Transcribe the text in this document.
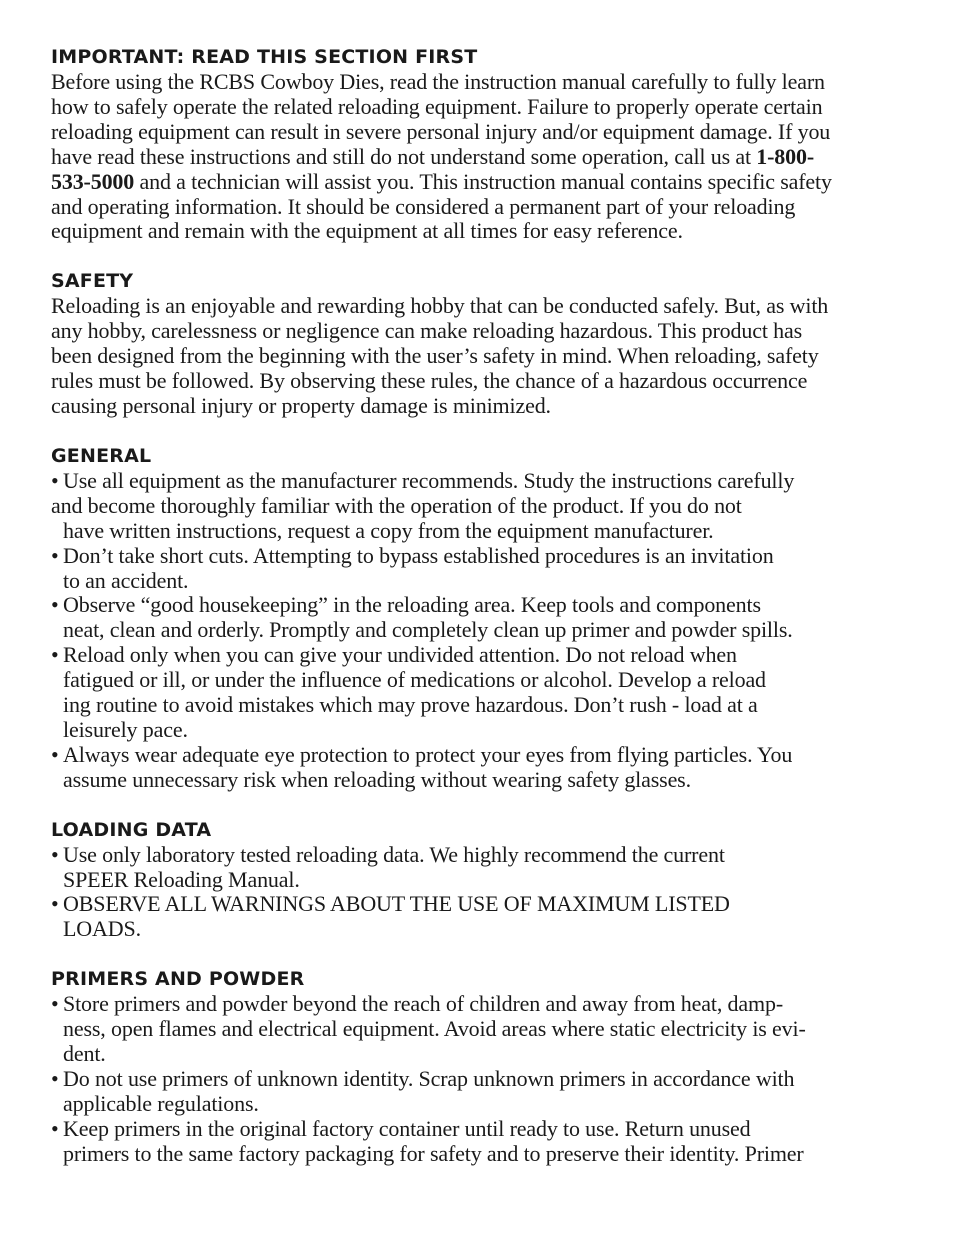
IMPORTANT: READ THIS SECTION FIRST

Before using the RCBS Cowboy Dies, read the instruction manual carefully to fully learn
how to safely operate the related reloading equipment. Failure to properly operate certain
reloading equipment can result in severe personal injury and/or equipment damage. If you
have read these instructions and still do not understand some operation, call us at 1-800-
533-5000 and a technician will assist you. This instruction manual contains specific safety
and operating information. It should be considered a permanent part of your reloading
equipment and remain with the equipment at all times for easy reference.

SAFETY

Reloading is an enjoyable and rewarding hobby that can be conducted safely. But, as with
any hobby, carelessness or negligence can make reloading hazardous. This product has
been designed from the beginning with the user’s safety in mind. When reloading, safety
rules must be followed. By observing these rules, the chance of a hazardous occurrence
causing personal injury or property damage is minimized.

GENERAL
• Use all equipment as the manufacturer recommends. Study the instructions carefully
and become thoroughly familiar with the operation of the product. If you do not
have written instructions, request a copy from the equipment manufacturer.
• Don’t take short cuts. Attempting to bypass established procedures is an invitation
to an accident.
• Observe “good housekeeping” in the reloading area. Keep tools and components
neat, clean and orderly. Promptly and completely clean up primer and powder spills.
• Reload only when you can give your undivided attention. Do not reload when
fatigued or ill, or under the influence of medications or alcohol. Develop a reload
ing routine to avoid mistakes which may prove hazardous. Don’t rush - load at a
leisurely pace.
• Always wear adequate eye protection to protect your eyes from flying particles. You
assume unnecessary risk when reloading without wearing safety glasses.
LOADING DATA
• Use only laboratory tested reloading data. We highly recommend the current
SPEER Reloading Manual.
• OBSERVE ALL WARNINGS ABOUT THE USE OF MAXIMUM LISTED
LOADS.
PRIMERS AND POWDER
• Store primers and powder beyond the reach of children and away from heat, damp-
ness, open flames and electrical equipment. Avoid areas where static electricity is evi-
dent.
• Do not use primers of unknown identity. Scrap unknown primers in accordance with
applicable regulations.
• Keep primers in the original factory container until ready to use. Return unused
primers to the same factory packaging for safety and to preserve their identity. Primer
